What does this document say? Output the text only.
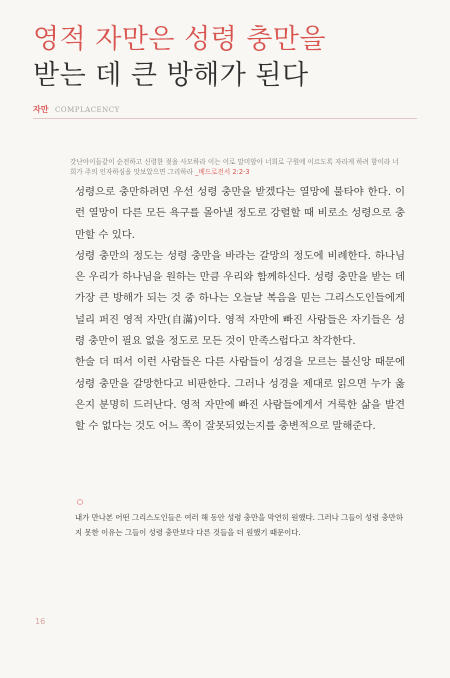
영적 자만은 성령 충만을
받는 데 큰 방해가 된다
자만 COMPLACENCY
갓난아이들같이 순전하고 신령한 젖을 사모하라 이는 이로 말미암아 너희로 구원에 이르도록 자라게 하려 함이라 너희가 주의 인자하심을 맛보았으면 그리하라 _베드로전서 2:2-3

성령으로 충만하려면 우선 성령 충만을 받겠다는 열망에 불타야 한다. 이런 열망이 다른 모든 욕구를 몰아낼 정도로 강렬할 때 비로소 성령으로 충만할 수 있다.

성령 충만의 정도는 성령 충만을 바라는 갈망의 정도에 비례한다. 하나님은 우리가 하나님을 원하는 만큼 우리와 함께하신다. 성령 충만을 받는 데 가장 큰 방해가 되는 것 중 하나는 오늘날 복음을 믿는 그리스도인들에게 널리 퍼진 영적 자만(自滿)이다. 영적 자만에 빠진 사람들은 자기들은 성령 충만이 필요 없을 정도로 모든 것이 만족스럽다고 착각한다.

한술 더 떠서 이런 사람들은 다른 사람들이 성경을 모르는 불신앙 때문에 성령 충만을 갈망한다고 비판한다. 그러나 성경을 제대로 읽으면 누가 옳은지 분명히 드러난다. 영적 자만에 빠진 사람들에게서 거룩한 삶을 발견할 수 없다는 것도 어느 쪽이 잘못되었는지를 충변적으로 말해준다.

내가 만나본 어떤 그리스도인들은 여러 해 동안 성령 충만을 막연히 원했다. 그러나 그들이 성령 충만하지 못한 이유는 그들이 성령 충만보다 다른 것들을 더 원했기 때문이다.
16
